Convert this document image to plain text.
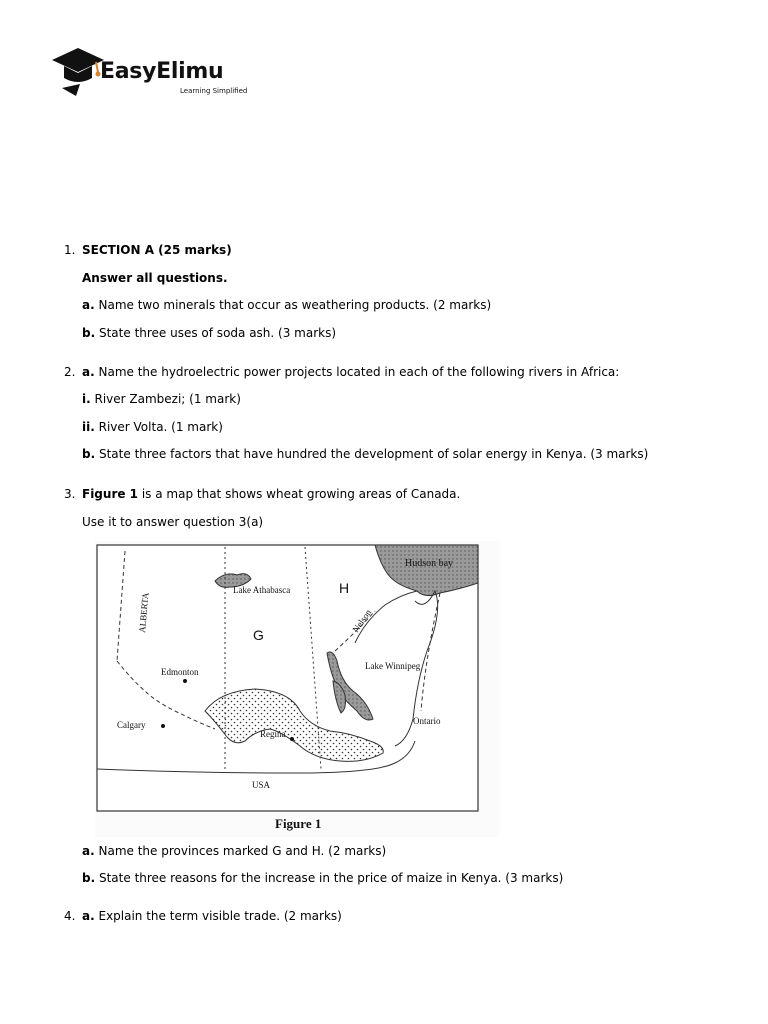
EasyElimu
Learning Simplified
1. SECTION A (25 marks)
Answer all questions.
a. Name two minerals that occur as weathering products. (2 marks)
b. State three uses of soda ash. (3 marks)
2. a. Name the hydroelectric power projects located in each of the following rivers in Africa:
i. River Zambezi; (1 mark)
ii. River Volta. (1 mark)
b. State three factors that have hundred the development of solar energy in Kenya. (3 marks)
3. Figure 1 is a map that shows wheat growing areas of Canada.
Use it to answer question 3(a)
Hudson bay
Lake Athabasca	H
G
ALBERTA	Nelson
Lake Winnipeg
Edmonton
Calgary
Regina
Ontario
USA
Figure 1
a. Name the provinces marked G and H. (2 marks)
b. State three reasons for the increase in the price of maize in Kenya. (3 marks)
4. a. Explain the term visible trade. (2 marks)
